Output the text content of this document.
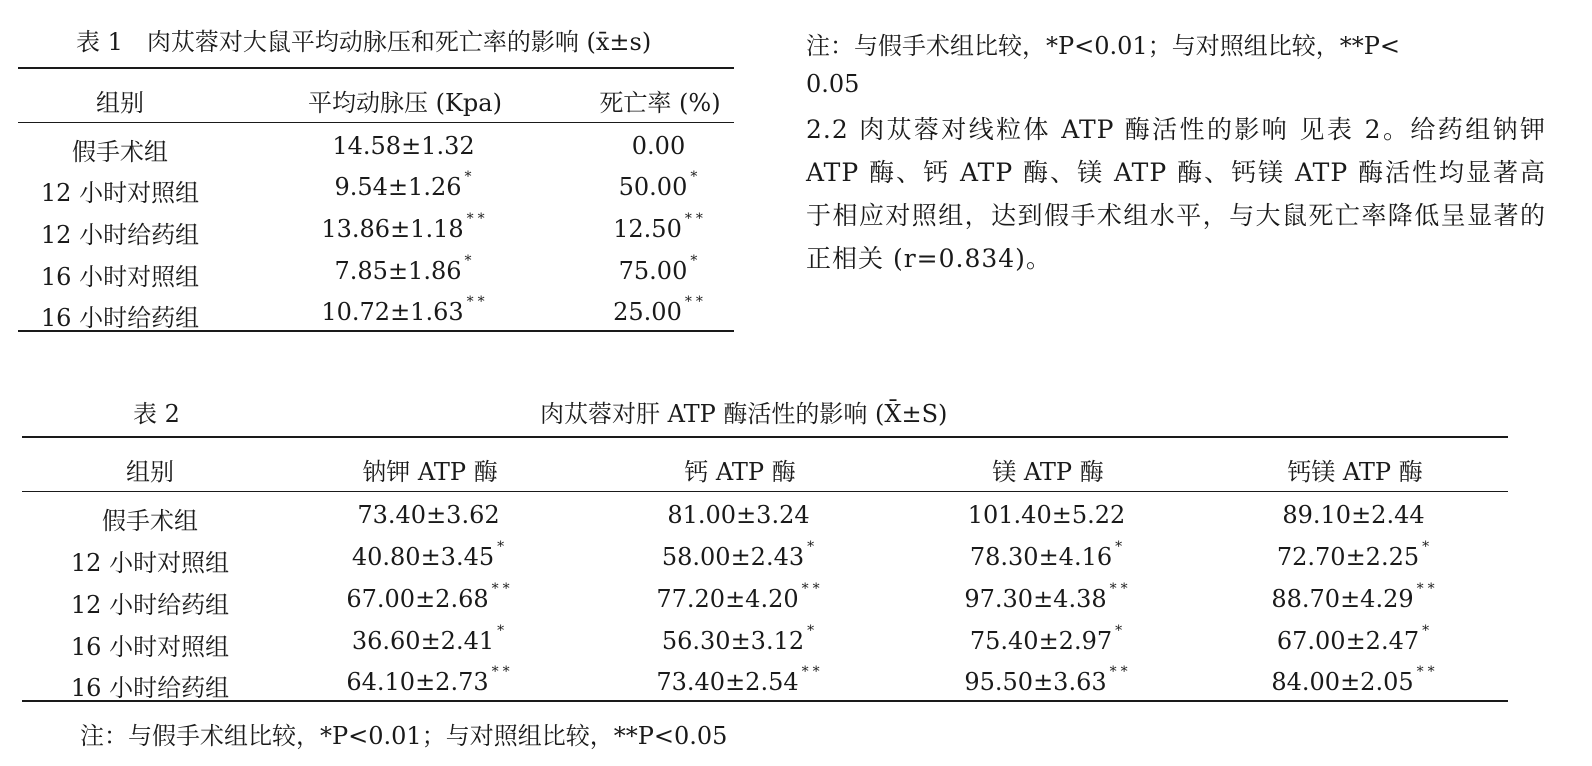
表 1 肉苁蓉对大鼠平均动脉压和死亡率的影响 (x̄±s)
组别	平均动脉压 (Kpa)	死亡率 (%)
假手术组	14.58±1.32	0.00
12 小时对照组	9.54±1.26 *	50.00 *
12 小时给药组	13.86±1.18 **	12.50 **
16 小时对照组	7.85±1.86 *	75.00 *
16 小时给药组	10.72±1.63 **	25.00 **
注：与假手术组比较，*P<0.01；与对照组比较，**P<
0.05
2.2 肉苁蓉对线粒体 ATP 酶活性的影响 见表 2。给药组钠钾 ATP 酶、钙 ATP 酶、镁 ATP 酶、钙镁 ATP 酶活性均显著高于相应对照组，达到假手术组水平，与大鼠死亡率降低呈显著的正相关 (r=0.834)。
表 2	肉苁蓉对肝 ATP 酶活性的影响 (X̄±S)
组别	钠钾 ATP 酶	钙 ATP 酶	镁 ATP 酶	钙镁 ATP 酶
假手术组	73.40±3.62	81.00±3.24	101.40±5.22	89.10±2.44
12 小时对照组	40.80±3.45 *	58.00±2.43 *	78.30±4.16 *	72.70±2.25 *
12 小时给药组	67.00±2.68 **	77.20±4.20 **	97.30±4.38 **	88.70±4.29 **
16 小时对照组	36.60±2.41 *	56.30±3.12 *	75.40±2.97 *	67.00±2.47 *
16 小时给药组	64.10±2.73 **	73.40±2.54 **	95.50±3.63 **	84.00±2.05 **
注：与假手术组比较，*P<0.01；与对照组比较，**P<0.05
